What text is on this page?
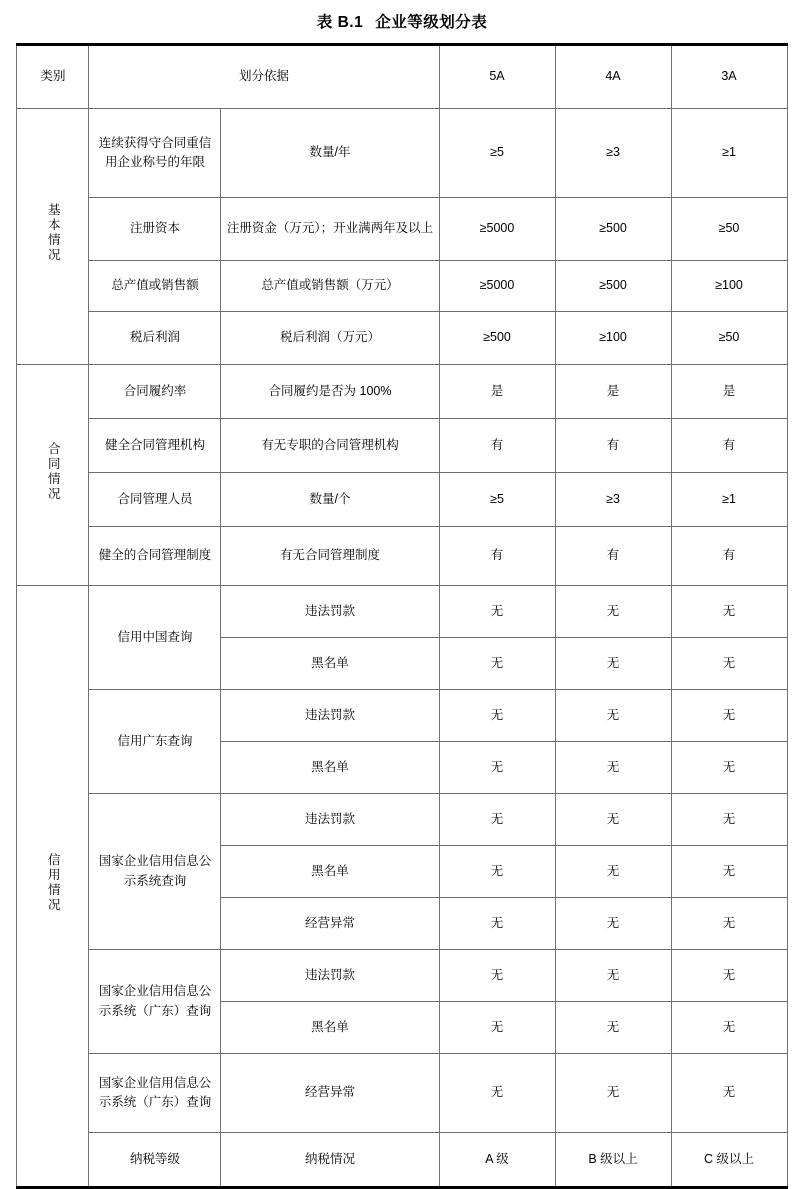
表 B.1 企业等级划分表
类别	划分依据		5A	4A	3A
基本情况	连续获得守合同重信用企业称号的年限	数量/年	≥5	≥3	≥1
	注册资本	注册资金（万元）；开业满两年及以上	≥5000	≥500	≥50
	总产值或销售额	总产值或销售额（万元）	≥5000	≥500	≥100
	税后利润	税后利润（万元）	≥500	≥100	≥50
合同情况	合同履约率	合同履约是否为 100%	是	是	是
	健全合同管理机构	有无专职的合同管理机构	有	有	有
	合同管理人员	数量/个	≥5	≥3	≥1
	健全的合同管理制度	有无合同管理制度	有	有	有
信用情况	信用中国查询	违法罚款	无	无	无
		黑名单	无	无	无
	信用广东查询	违法罚款	无	无	无
		黑名单	无	无	无
	国家企业信用信息公示系统查询	违法罚款	无	无	无
		黑名单	无	无	无
		经营异常	无	无	无
	国家企业信用信息公示系统（广东）查询	违法罚款	无	无	无
		黑名单	无	无	无
	国家企业信用信息公示系统（广东）查询	经营异常	无	无	无
	纳税等级	纳税情况	A 级	B 级以上	C 级以上
